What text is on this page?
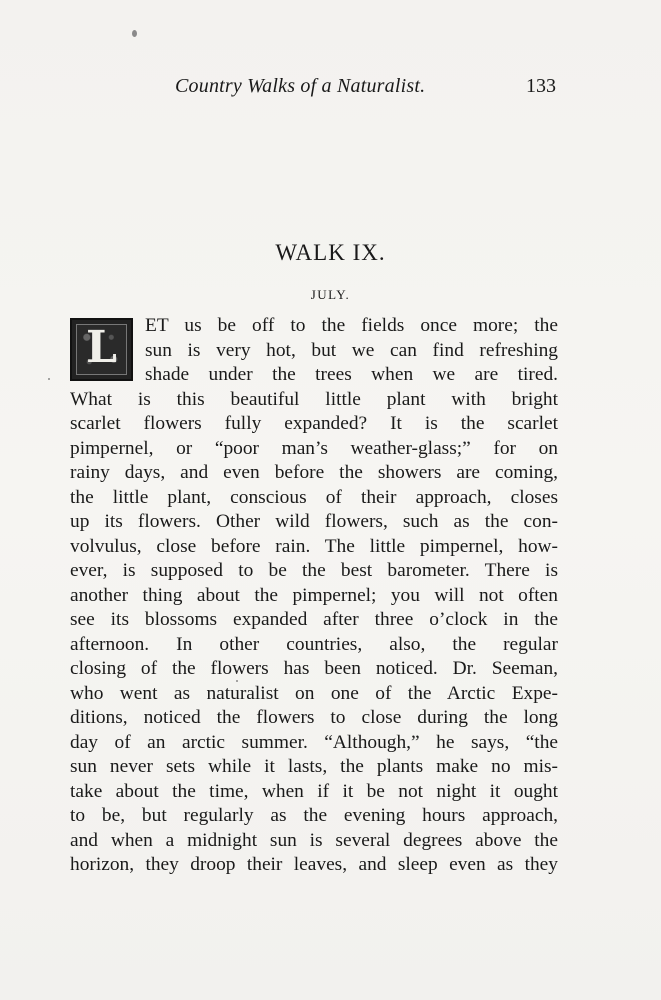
Country Walks of a Naturalist.	133
WALK IX.
JULY.
L	ET us be off to the fields once more; the
sun is very hot, but we can find refreshing
shade under the trees when we are tired.
What is this beautiful little plant with bright
scarlet flowers fully expanded? It is the scarlet
pimpernel, or “poor man’s weather-glass;” for on
rainy days, and even before the showers are coming,
the little plant, conscious of their approach, closes
up its flowers. Other wild flowers, such as the con-
volvulus, close before rain. The little pimpernel, how-
ever, is supposed to be the best barometer. There is
another thing about the pimpernel; you will not often
see its blossoms expanded after three o’clock in the
afternoon. In other countries, also, the regular
closing of the flowers has been noticed. Dr. Seeman,
who went as naturalist on one of the Arctic Expe-
ditions, noticed the flowers to close during the long
day of an arctic summer. “Although,” he says, “the
sun never sets while it lasts, the plants make no mis-
take about the time, when if it be not night it ought
to be, but regularly as the evening hours approach,
and when a midnight sun is several degrees above the
horizon, they droop their leaves, and sleep even as they
